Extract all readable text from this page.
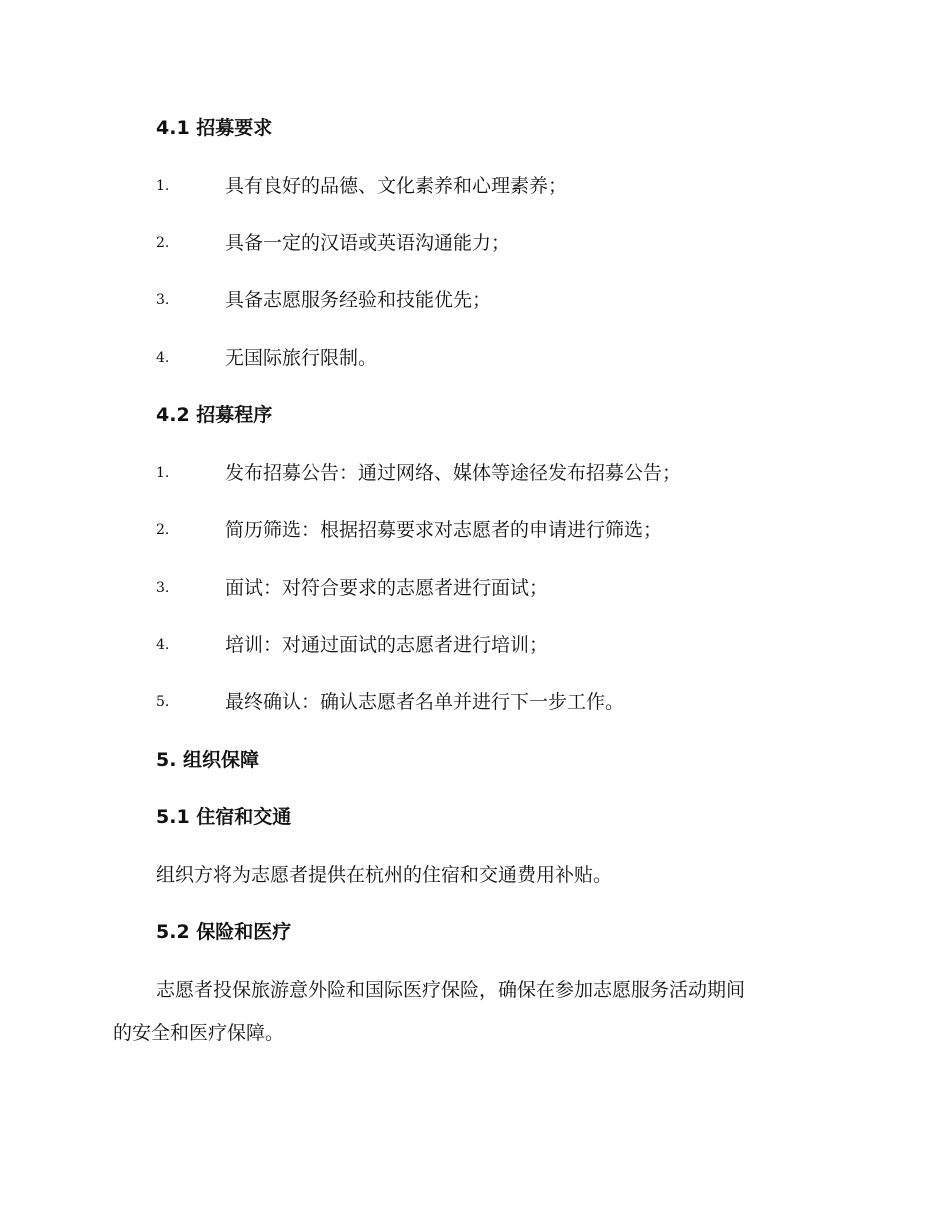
4.1 招募要求
1.	具有良好的品德、文化素养和心理素养；
2.	具备一定的汉语或英语沟通能力；
3.	具备志愿服务经验和技能优先；
4.	无国际旅行限制。
4.2 招募程序
1.	发布招募公告：通过网络、媒体等途径发布招募公告；
2.	简历筛选：根据招募要求对志愿者的申请进行筛选；
3.	面试：对符合要求的志愿者进行面试；
4.	培训：对通过面试的志愿者进行培训；
5.	最终确认：确认志愿者名单并进行下一步工作。
5. 组织保障
5.1 住宿和交通
组织方将为志愿者提供在杭州的住宿和交通费用补贴。
5.2 保险和医疗
志愿者投保旅游意外险和国际医疗保险，确保在参加志愿服务活动期间
的安全和医疗保障。
